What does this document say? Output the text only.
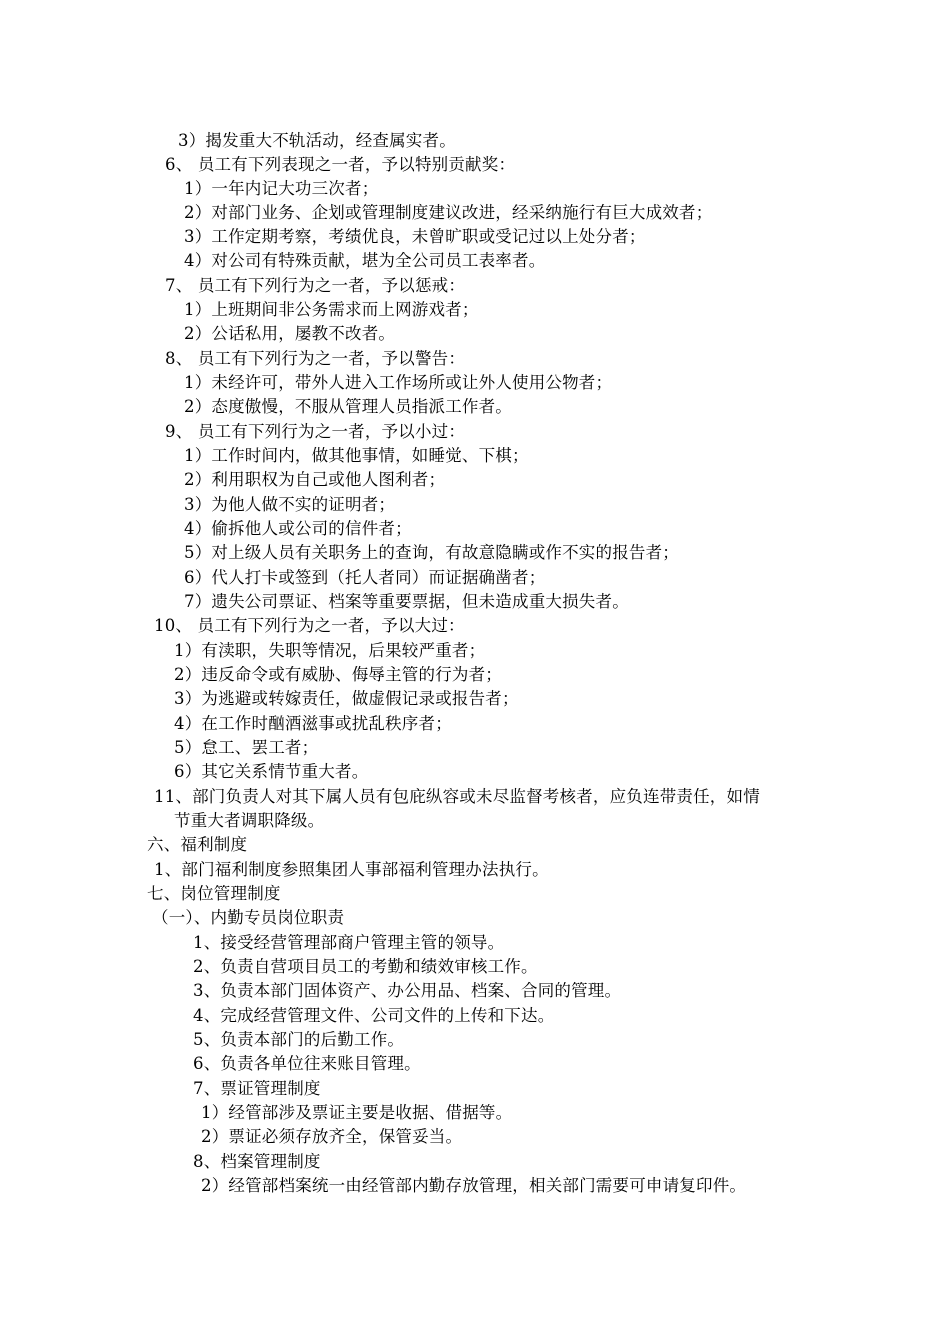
3）揭发重大不轨活动，经查属实者。
6、 员工有下列表现之一者，予以特别贡献奖：
1）一年内记大功三次者；
2）对部门业务、企划或管理制度建议改进，经采纳施行有巨大成效者；
3）工作定期考察，考绩优良，未曾旷职或受记过以上处分者；
4）对公司有特殊贡献，堪为全公司员工表率者。
7、 员工有下列行为之一者，予以惩戒：
1）上班期间非公务需求而上网游戏者；
2）公话私用，屡教不改者。
8、 员工有下列行为之一者，予以警告：
1）未经许可，带外人进入工作场所或让外人使用公物者；
2）态度傲慢，不服从管理人员指派工作者。
9、 员工有下列行为之一者，予以小过：
1）工作时间内，做其他事情，如睡觉、下棋；
2）利用职权为自己或他人图利者；
3）为他人做不实的证明者；
4）偷拆他人或公司的信件者；
5）对上级人员有关职务上的查询，有故意隐瞒或作不实的报告者；
6）代人打卡或签到（托人者同）而证据确凿者；
7）遗失公司票证、档案等重要票据，但未造成重大损失者。
10、 员工有下列行为之一者，予以大过：
1）有渎职，失职等情况，后果较严重者；
2）违反命令或有威胁、侮辱主管的行为者；
3）为逃避或转嫁责任，做虚假记录或报告者；
4）在工作时酗酒滋事或扰乱秩序者；
5）怠工、罢工者；
6）其它关系情节重大者。
11、部门负责人对其下属人员有包庇纵容或未尽监督考核者，应负连带责任，如情
节重大者调职降级。
六、福利制度
1、部门福利制度参照集团人事部福利管理办法执行。
七、岗位管理制度
（一）、内勤专员岗位职责
1、接受经营管理部商户管理主管的领导。
2、负责自营项目员工的考勤和绩效审核工作。
3、负责本部门固体资产、办公用品、档案、合同的管理。
4、完成经营管理文件、公司文件的上传和下达。
5、负责本部门的后勤工作。
6、负责各单位往来账目管理。
7、票证管理制度
1）经管部涉及票证主要是收据、借据等。
2）票证必须存放齐全，保管妥当。
8、档案管理制度
2）经管部档案统一由经管部内勤存放管理，相关部门需要可申请复印件。
